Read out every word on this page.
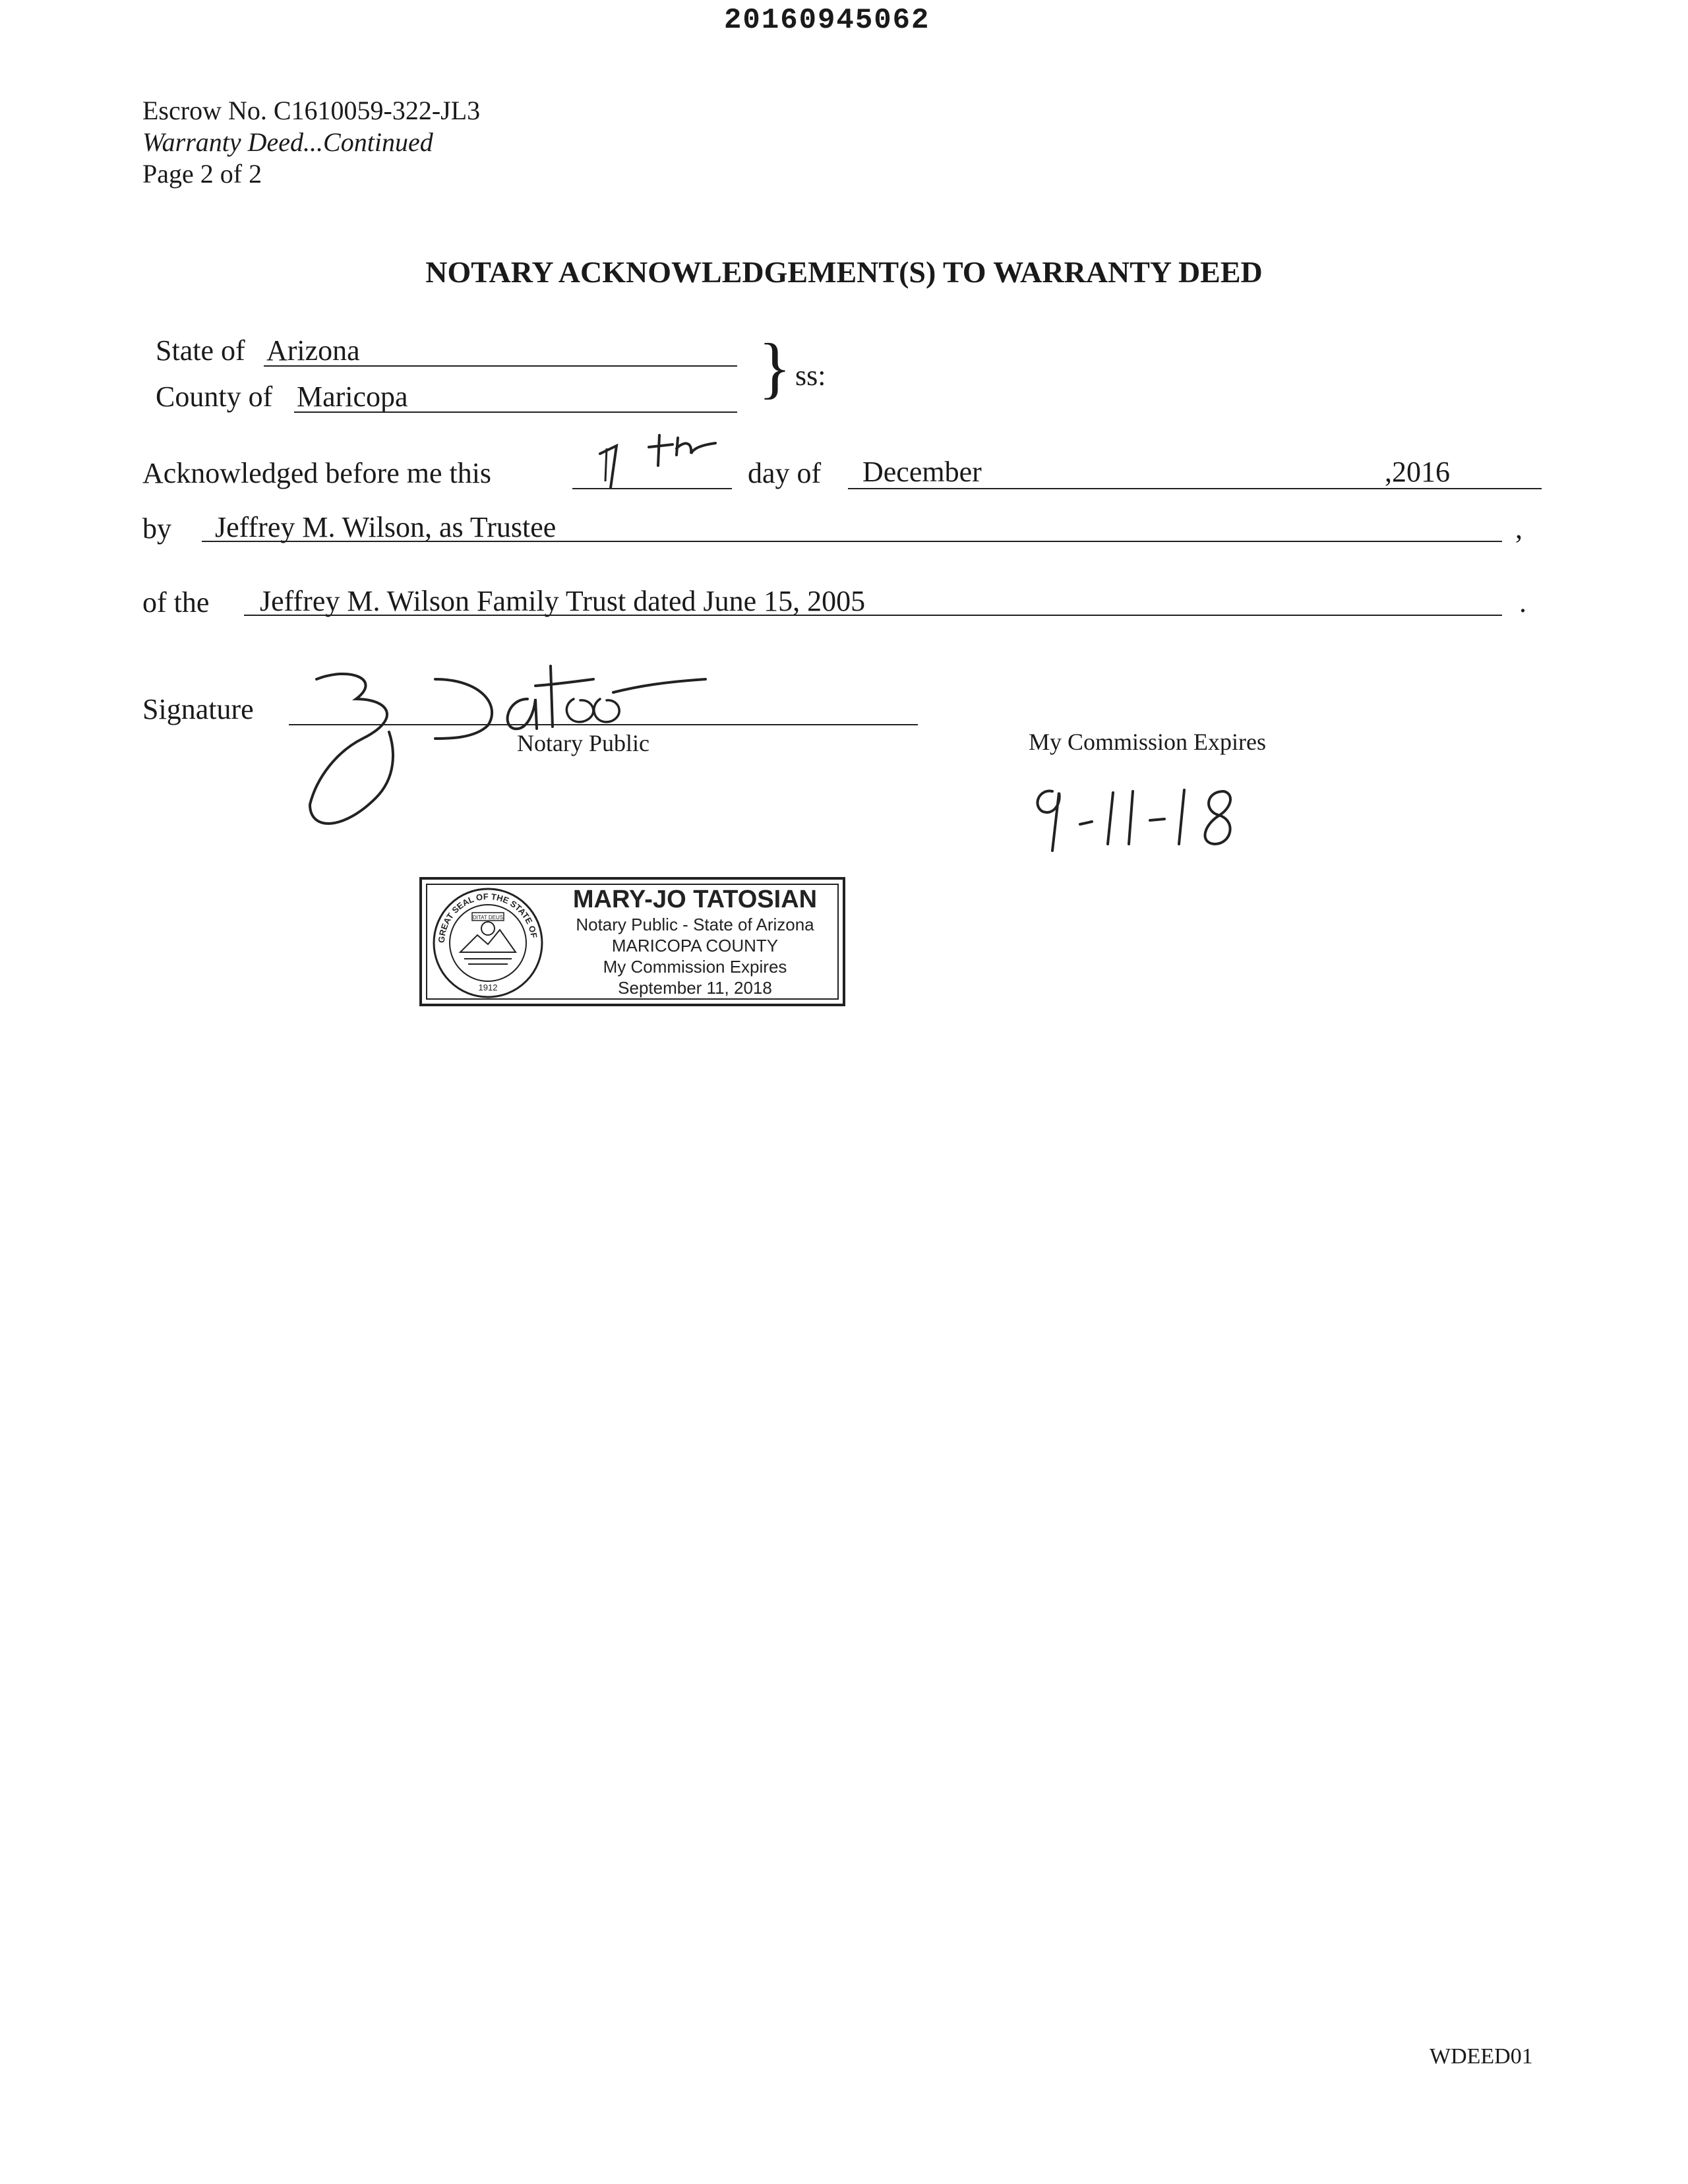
20160945062
Escrow No. C1610059-322-JL3
Warranty Deed...Continued
Page 2 of 2
NOTARY ACKNOWLEDGEMENT(S) TO WARRANTY DEED
State of Arizona
County of Maricopa	} ss:
Acknowledged before me this	day of December	,2016
by Jeffrey M. Wilson, as Trustee	,
of the Jeffrey M. Wilson Family Trust dated June 15, 2005	.
Signature
Notary Public	My Commission Expires
GREAT SEAL OF THE STATE OF ARIZONA
DITAT DEUS
1912
MARY-JO TATOSIAN
Notary Public - State of Arizona
MARICOPA COUNTY
My Commission Expires
September 11, 2018
WDEED01
